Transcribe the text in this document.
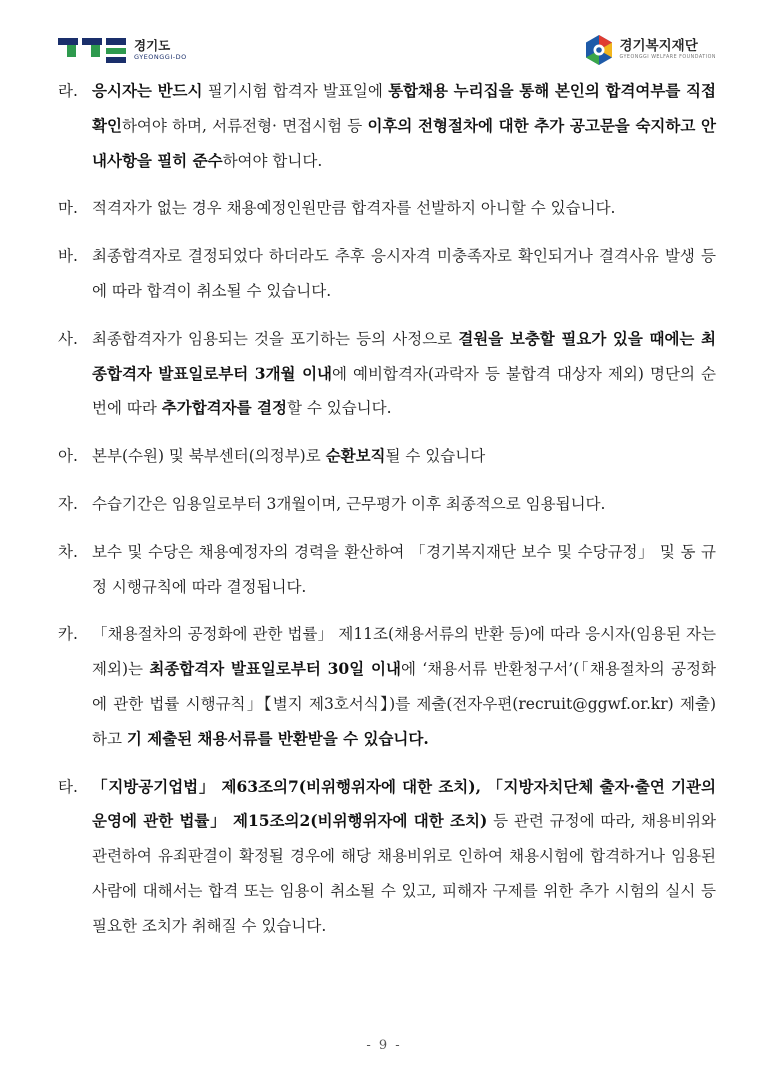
경기도
GYEONGGI-DO
경기복지재단
GYEONGGI WELFARE FOUNDATION
라. 응시자는 반드시 필기시험 합격자 발표일에 통합채용 누리집을 통해 본인의 합격여부를 직접 확인하여야 하며, 서류전형· 면접시험 등 이후의 전형절차에 대한 추가 공고문을 숙지하고 안내사항을 필히 준수하여야 합니다.
마. 적격자가 없는 경우 채용예정인원만큼 합격자를 선발하지 아니할 수 있습니다.
바. 최종합격자로 결정되었다 하더라도 추후 응시자격 미충족자로 확인되거나 결격사유 발생 등에 따라 합격이 취소될 수 있습니다.
사. 최종합격자가 임용되는 것을 포기하는 등의 사정으로 결원을 보충할 필요가 있을 때에는 최종합격자 발표일로부터 3개월 이내에 예비합격자(과락자 등 불합격 대상자 제외) 명단의 순번에 따라 추가합격자를 결정할 수 있습니다.
아. 본부(수원) 및 북부센터(의정부)로 순환보직될 수 있습니다
자. 수습기간은 임용일로부터 3개월이며, 근무평가 이후 최종적으로 임용됩니다.
차. 보수 및 수당은 채용예정자의 경력을 환산하여 「경기복지재단 보수 및 수당규정」 및 동 규정 시행규칙에 따라 결정됩니다.
카. 「채용절차의 공정화에 관한 법률」 제11조(채용서류의 반환 등)에 따라 응시자(임용된 자는 제외)는 최종합격자 발표일로부터 30일 이내에 ‘채용서류 반환청구서’(「채용절차의 공정화에 관한 법률 시행규칙」【별지 제3호서식】)를 제출(전자우편(recruit@ggwf.or.kr) 제출)하고 기 제출된 채용서류를 반환받을 수 있습니다.
타. 「지방공기업법」 제63조의7(비위행위자에 대한 조치), 「지방자치단체 출자·출연 기관의 운영에 관한 법률」 제15조의2(비위행위자에 대한 조치) 등 관련 규정에 따라, 채용비위와 관련하여 유죄판결이 확정될 경우에 해당 채용비위로 인하여 채용시험에 합격하거나 임용된 사람에 대해서는 합격 또는 임용이 취소될 수 있고, 피해자 구제를 위한 추가 시험의 실시 등 필요한 조치가 취해질 수 있습니다.
- 9 -
